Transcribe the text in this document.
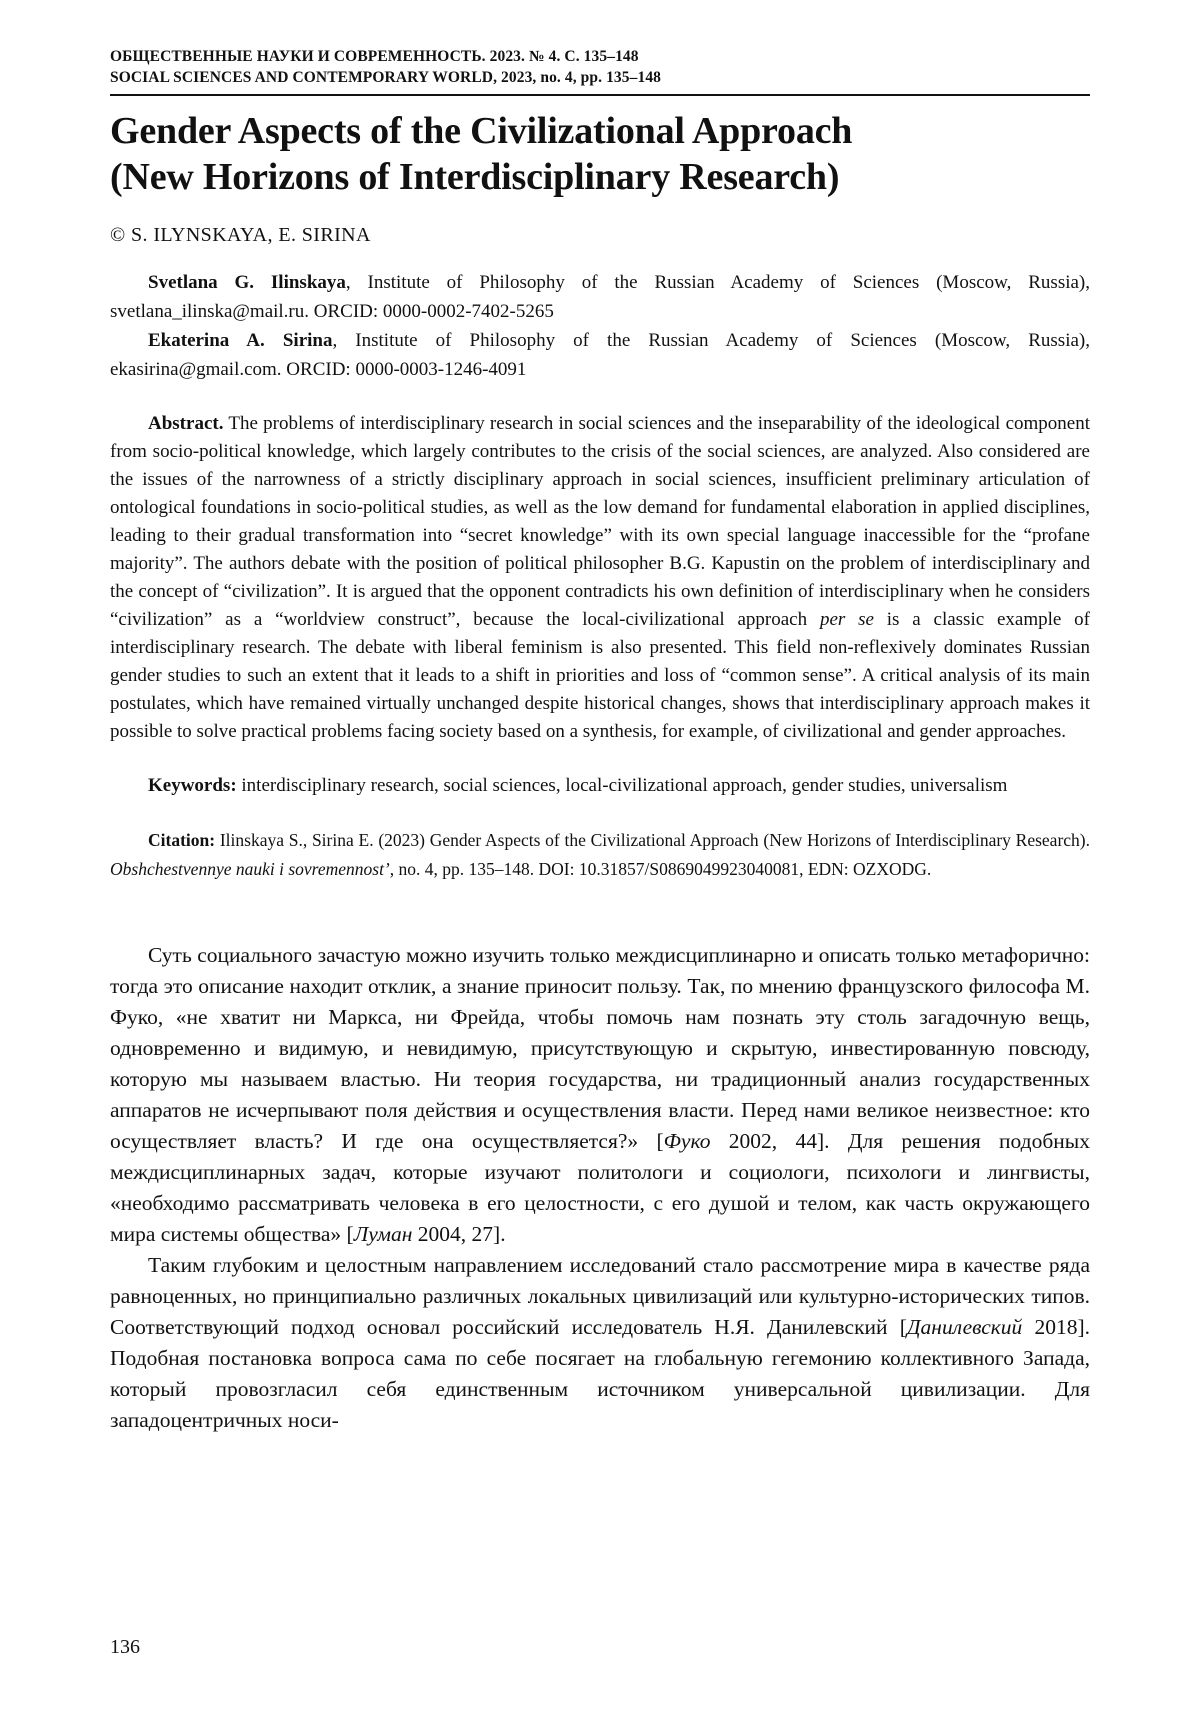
ОБЩЕСТВЕННЫЕ НАУКИ И СОВРЕМЕННОСТЬ. 2023. № 4. С. 135–148
SOCIAL SCIENCES AND CONTEMPORARY WORLD, 2023, no. 4, pp. 135–148
Gender Aspects of the Civilizational Approach
(New Horizons of Interdisciplinary Research)
© S. ILYNSKAYA, E. SIRINA

Svetlana G. Ilinskaya, Institute of Philosophy of the Russian Academy of Sciences (Moscow, Russia), svetlana_ilinska@mail.ru. ORCID: 0000-0002-7402-5265

Ekaterina A. Sirina, Institute of Philosophy of the Russian Academy of Sciences (Moscow, Russia), ekasirina@gmail.com. ORCID: 0000-0003-1246-4091

Abstract. The problems of interdisciplinary research in social sciences and the inseparability of the ideological component from socio-political knowledge, which largely contributes to the crisis of the social sciences, are analyzed. Also considered are the issues of the narrowness of a strictly disciplinary approach in social sciences, insufficient preliminary articulation of ontological foundations in socio-political studies, as well as the low demand for fundamental elaboration in applied disciplines, leading to their gradual transformation into “secret knowledge” with its own special language inaccessible for the “profane majority”. The authors debate with the position of political philosopher B.G. Kapustin on the problem of interdisciplinary and the concept of “civilization”. It is argued that the opponent contradicts his own definition of interdisciplinary when he considers “civilization” as a “worldview construct”, because the local-civilizational approach per se is a classic example of interdisciplinary research. The debate with liberal feminism is also presented. This field non-reflexively dominates Russian gender studies to such an extent that it leads to a shift in priorities and loss of “common sense”. A critical analysis of its main postulates, which have remained virtually unchanged despite historical changes, shows that interdisciplinary approach makes it possible to solve practical problems facing society based on a synthesis, for example, of civilizational and gender approaches.

Keywords: interdisciplinary research, social sciences, local-civilizational approach, gender studies, universalism

Citation: Ilinskaya S., Sirina E. (2023) Gender Aspects of the Civilizational Approach (New Horizons of Interdisciplinary Research). Obshchestvennye nauki i sovremennost’, no. 4, pp. 135–148. DOI: 10.31857/S086904992304008​1, EDN: OZXODG.

Суть социального зачастую можно изучить только междисциплинарно и описать только метафорично: тогда это описание находит отклик, а знание приносит пользу. Так, по мнению французского философа М. Фуко, «не хватит ни Маркса, ни Фрейда, чтобы помочь нам познать эту столь загадочную вещь, одновременно и видимую, и невидимую, присутствующую и скрытую, инвестированную повсюду, которую мы называем властью. Ни теория государства, ни традиционный анализ государственных аппаратов не исчерпывают поля действия и осуществления власти. Перед нами великое неизвестное: кто осуществляет власть? И где она осуществляется?» [Фуко 2002, 44]. Для решения подобных междисциплинарных задач, которые изучают политологи и социологи, психологи и лингвисты, «необходимо рассматривать человека в его целостности, с его душой и телом, как часть окружающего мира системы общества» [Луман 2004, 27].

Таким глубоким и целостным направлением исследований стало рассмотрение мира в качестве ряда равноценных, но принципиально различных локальных цивилизаций или культурно-исторических типов. Соответствующий подход основал российский исследователь Н.Я. Данилевский [Данилевский 2018]. Подобная постановка вопроса сама по себе посягает на глобальную гегемонию коллективного Запада, который провозгласил себя единственным источником универсальной цивилизации. Для западоцентричных носи-

136
